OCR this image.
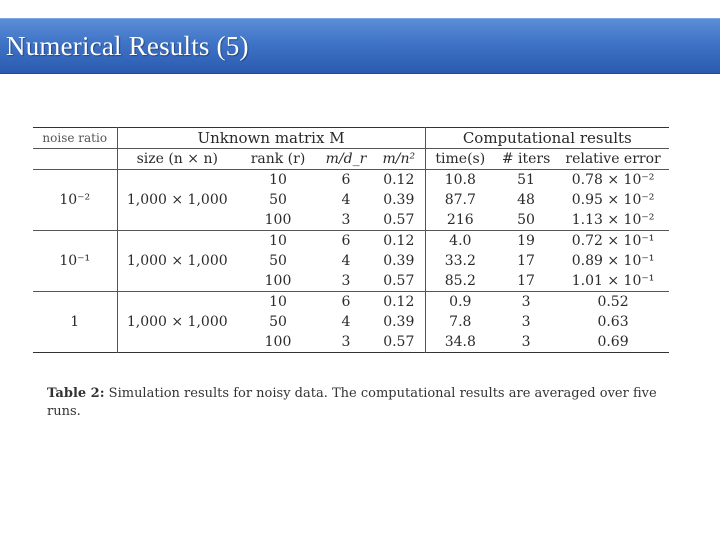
Numerical Results (5)
noise ratio	Unknown matrix M				Computational results		
	size (n × n)	rank (r)	m/d_r	m/n²	time(s)	# iters	relative error
10⁻²	1,000 × 1,000	10	6	0.12	10.8	51	0.78 × 10⁻²
		50	4	0.39	87.7	48	0.95 × 10⁻²
		100	3	0.57	216	50	1.13 × 10⁻²
10⁻¹	1,000 × 1,000	10	6	0.12	4.0	19	0.72 × 10⁻¹
		50	4	0.39	33.2	17	0.89 × 10⁻¹
		100	3	0.57	85.2	17	1.01 × 10⁻¹
1	1,000 × 1,000	10	6	0.12	0.9	3	0.52
		50	4	0.39	7.8	3	0.63
		100	3	0.57	34.8	3	0.69
Table 2: Simulation results for noisy data. The computational results are averaged over five runs.
